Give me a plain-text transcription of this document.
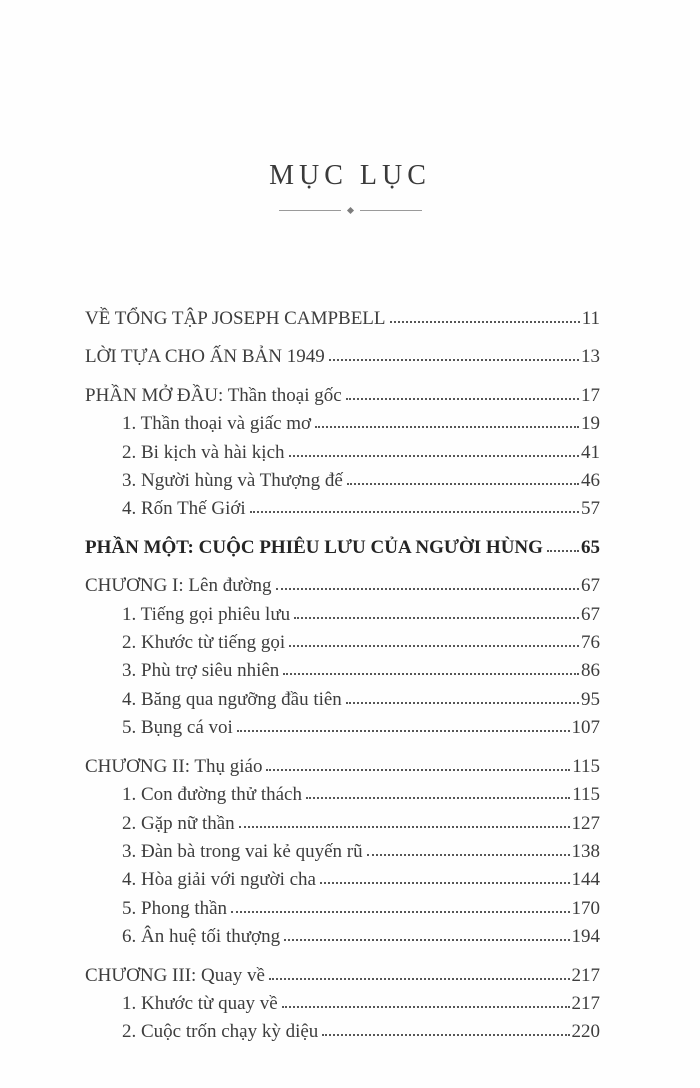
MỤC LỤC
VỀ TỔNG TẬP JOSEPH CAMPBELL	11
LỜI TỰA CHO ẤN BẢN 1949	13
PHẦN MỞ ĐẦU: Thần thoại gốc	17
1. Thần thoại và giấc mơ	19
2. Bi kịch và hài kịch	41
3. Người hùng và Thượng đế	46
4. Rốn Thế Giới	57
PHẦN MỘT: CUỘC PHIÊU LƯU CỦA NGƯỜI HÙNG 65
CHƯƠNG I: Lên đường	67
1. Tiếng gọi phiêu lưu	67
2. Khước từ tiếng gọi	76
3. Phù trợ siêu nhiên	86
4. Băng qua ngưỡng đầu tiên	95
5. Bụng cá voi	107
CHƯƠNG II: Thụ giáo	115
1. Con đường thử thách	115
2. Gặp nữ thần	127
3. Đàn bà trong vai kẻ quyến rũ	138
4. Hòa giải với người cha	144
5. Phong thần	170
6. Ân huệ tối thượng	194
CHƯƠNG III: Quay về	217
1. Khước từ quay về	217
2. Cuộc trốn chạy kỳ diệu	220
